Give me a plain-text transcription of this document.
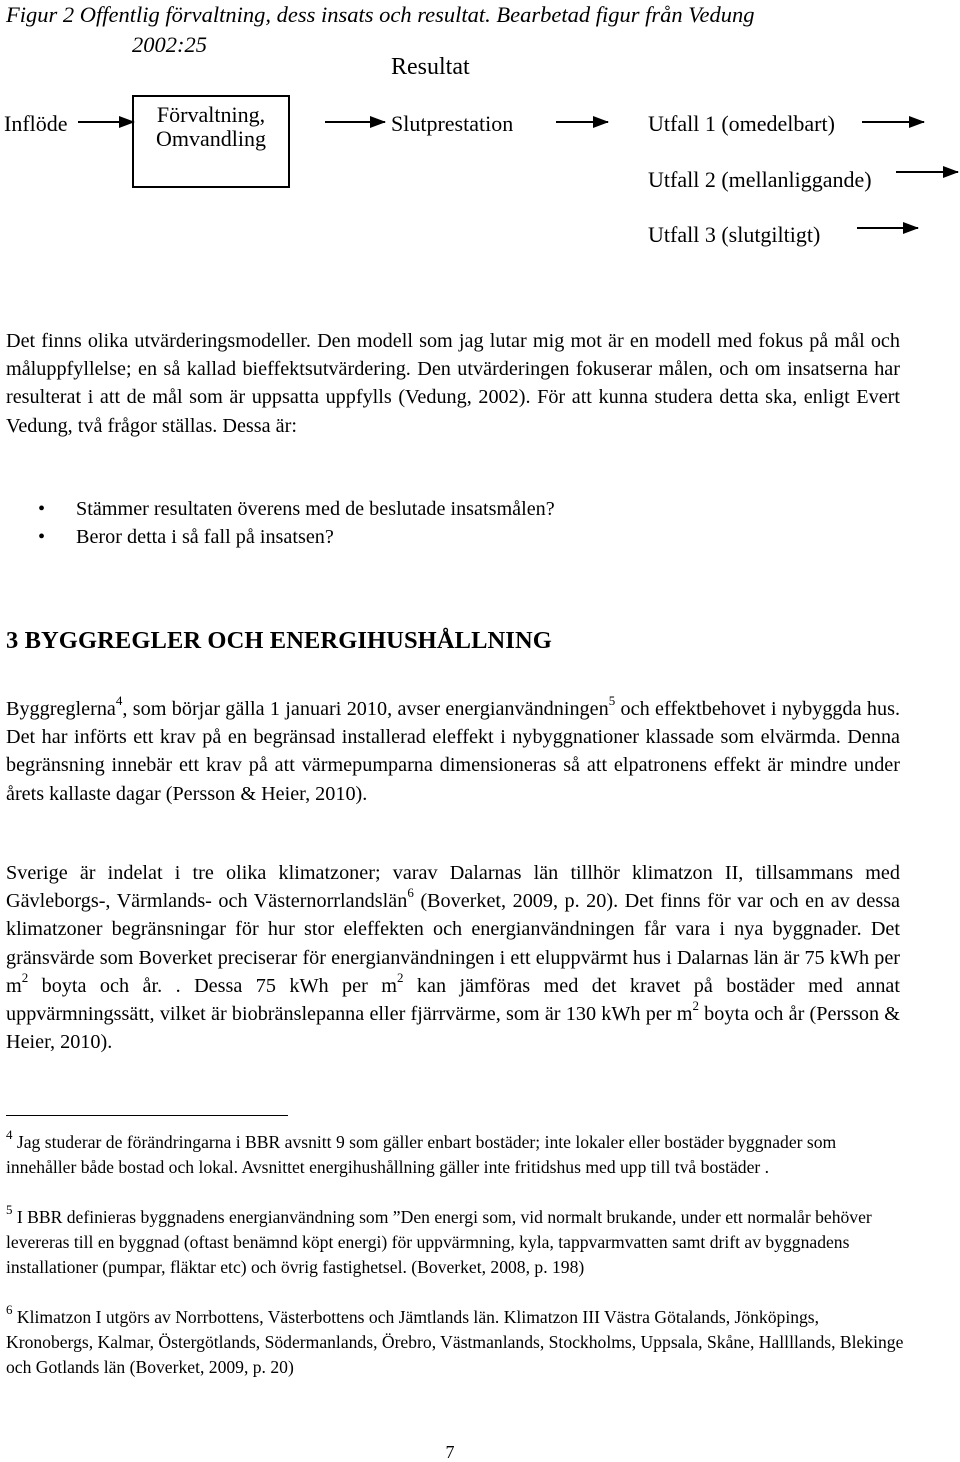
Figur 2 Offentlig förvaltning, dess insats och resultat. Bearbetad figur från Vedung
2002:25
Resultat
Inflöde	Förvaltning,
Omvandling
Slutprestation	Utfall 1 (omedelbart)
Utfall 2 (mellanliggande)
Utfall 3 (slutgiltigt)

Det finns olika utvärderingsmodeller. Den modell som jag lutar mig mot är en modell med fokus på mål och måluppfyllelse; en så kallad bieffektsutvärdering. Den utvärderingen fokuserar målen, och om insatserna har resulterat i att de mål som är uppsatta uppfylls (Vedung, 2002). För att kunna studera detta ska, enligt Evert Vedung, två frågor ställas. Dessa är:

• Stämmer resultaten överens med de beslutade insatsmålen?
• Beror detta i så fall på insatsen?
3 BYGGREGLER OCH ENERGIHUSHÅLLNING

Byggreglerna$^4$, som börjar gälla 1 januari 2010, avser energianvändningen$^5$ och effektbehovet i nybyggda hus. Det har införts ett krav på en begränsad installerad eleffekt i nybyggnationer klassade som elvärmda. Denna begränsning innebär ett krav på att värmepumparna dimensioneras så att elpatronens effekt är mindre under årets kallaste dagar (Persson & Heier, 2010).

Sverige är indelat i tre olika klimatzoner; varav Dalarnas län tillhör klimatzon II, tillsammans med Gävleborgs-, Värmlands- och Västernorrlandslän$^6$ (Boverket, 2009, p. 20). Det finns för var och en av dessa klimatzoner begränsningar för hur stor eleffekten och energianvändningen får vara i nya byggnader. Det gränsvärde som Boverket preciserar för energianvändningen i ett eluppvärmt hus i Dalarnas län är 75 kWh per $m^2$ boyta och år. . Dessa 75 kWh per $m^2$ kan jämföras med det kravet på bostäder med annat uppvärmningssätt, vilket är biobränslepanna eller fjärrvärme, som är 130 kWh per $m^2$ boyta och år (Persson & Heier, 2010).

$^4$ Jag studerar de förändringarna i BBR avsnitt 9 som gäller enbart bostäder; inte lokaler eller bostäder byggnader som innehåller både bostad och lokal. Avsnittet energihushållning gäller inte fritidshus med upp till två bostäder .
$^5$ I BBR definieras byggnadens energianvändning som ”Den energi som, vid normalt brukande, under ett normalår behöver levereras till en byggnad (oftast benämnd köpt energi) för uppvärmning, kyla, tappvarmvatten samt drift av byggnadens installationer (pumpar, fläktar etc) och övrig fastighetsel. (Boverket, 2008, p. 198)
$^6$ Klimatzon I utgörs av Norrbottens, Västerbottens och Jämtlands län. Klimatzon III Västra Götalands, Jönköpings, Kronobergs, Kalmar, Östergötlands, Södermanlands, Örebro, Västmanlands, Stockholms, Uppsala, Skåne, Hallllands, Blekinge och Gotlands län (Boverket, 2009, p. 20)
7
